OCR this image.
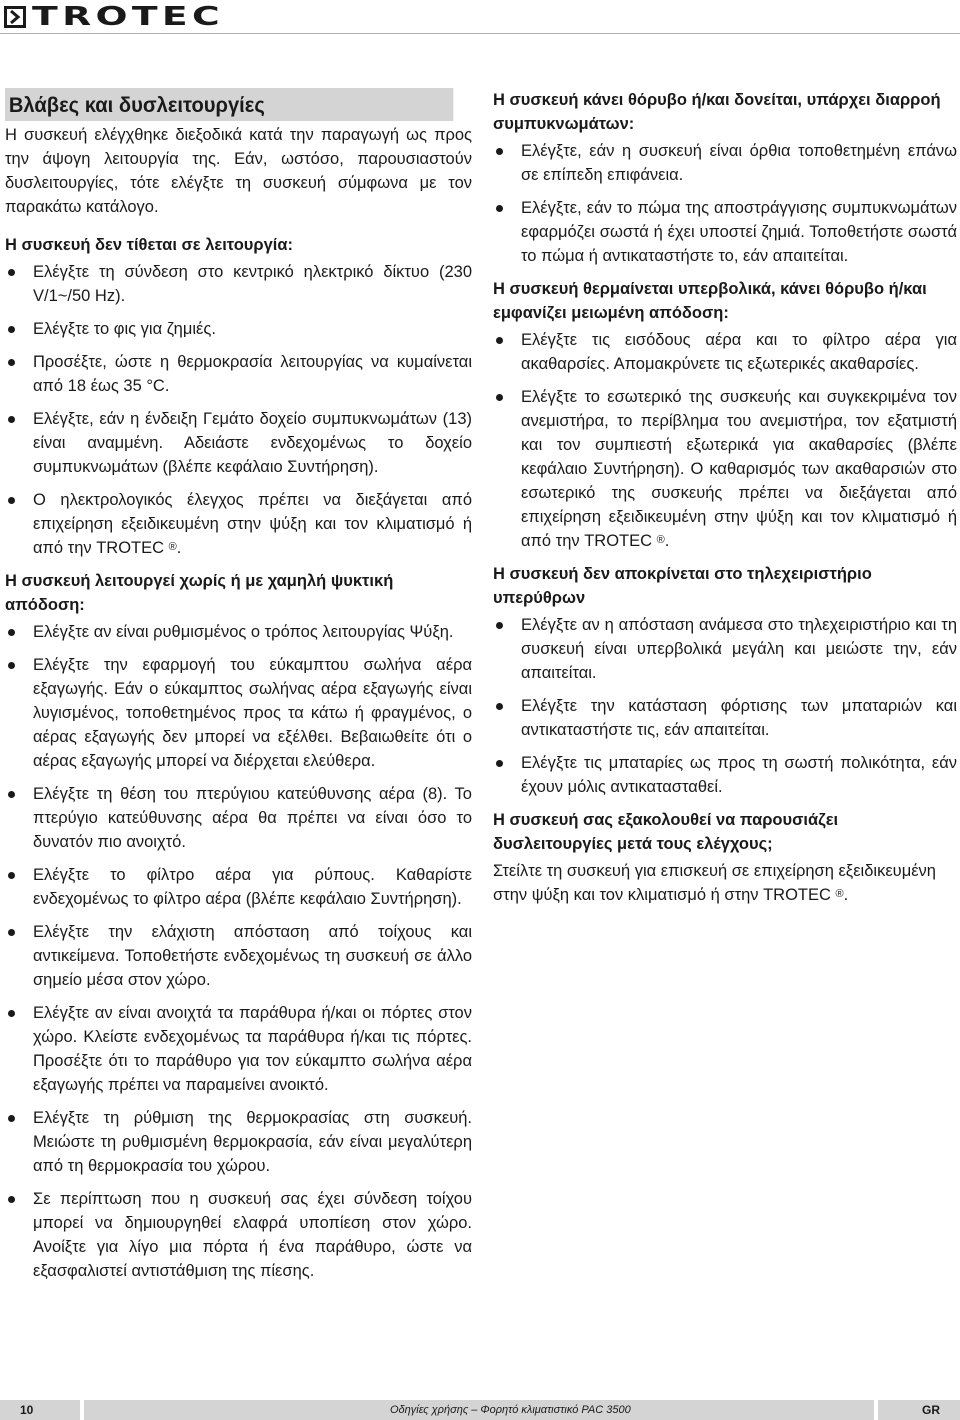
TROTEC
Βλάβες και δυσλειτουργίες

Η συσκευή ελέγχθηκε διεξοδικά κατά την παραγωγή ως προς την άψογη λειτουργία της. Εάν, ωστόσο, παρουσιαστούν δυσλειτουργίες, τότε ελέγξτε τη συσκευή σύμφωνα με τον παρακάτω κατάλογο.

Η συσκευή δεν τίθεται σε λειτουργία:
Ελέγξτε τη σύνδεση στο κεντρικό ηλεκτρικό δίκτυο (230 V/1~/50 Hz).
Ελέγξτε το φις για ζημιές.
Προσέξτε, ώστε η θερμοκρασία λειτουργίας να κυμαίνεται από 18 έως 35 °C.
Ελέγξτε, εάν η ένδειξη Γεμάτο δοχείο συμπυκνωμάτων (13) είναι αναμμένη. Αδειάστε ενδεχομένως το δοχείο συμπυκνωμάτων (βλέπε κεφάλαιο Συντήρηση).
Ο ηλεκτρολογικός έλεγχος πρέπει να διεξάγεται από επιχείρηση εξειδικευμένη στην ψύξη και τον κλιματισμό ή από την TROTEC ®.
Η συσκευή λειτουργεί χωρίς ή με χαμηλή ψυκτική απόδοση:
Ελέγξτε αν είναι ρυθμισμένος ο τρόπος λειτουργίας Ψύξη.
Ελέγξτε την εφαρμογή του εύκαμπτου σωλήνα αέρα εξαγωγής. Εάν ο εύκαμπτος σωλήνας αέρα εξαγωγής είναι λυγισμένος, τοποθετημένος προς τα κάτω ή φραγμένος, ο αέρας εξαγωγής δεν μπορεί να εξέλθει. Βεβαιωθείτε ότι ο αέρας εξαγωγής μπορεί να διέρχεται ελεύθερα.
Ελέγξτε τη θέση του πτερύγιου κατεύθυνσης αέρα (8). Το πτερύγιο κατεύθυνσης αέρα θα πρέπει να είναι όσο το δυνατόν πιο ανοιχτό.
Ελέγξτε το φίλτρο αέρα για ρύπους. Καθαρίστε ενδεχομένως το φίλτρο αέρα (βλέπε κεφάλαιο Συντήρηση).
Ελέγξτε την ελάχιστη απόσταση από τοίχους και αντικείμενα. Τοποθετήστε ενδεχομένως τη συσκευή σε άλλο σημείο μέσα στον χώρο.
Ελέγξτε αν είναι ανοιχτά τα παράθυρα ή/και οι πόρτες στον χώρο. Κλείστε ενδεχομένως τα παράθυρα ή/και τις πόρτες. Προσέξτε ότι το παράθυρο για τον εύκαμπτο σωλήνα αέρα εξαγωγής πρέπει να παραμείνει ανοικτό.
Ελέγξτε τη ρύθμιση της θερμοκρασίας στη συσκευή. Μειώστε τη ρυθμισμένη θερμοκρασία, εάν είναι μεγαλύτερη από τη θερμοκρασία του χώρου.
Σε περίπτωση που η συσκευή σας έχει σύνδεση τοίχου μπορεί να δημιουργηθεί ελαφρά υποπίεση στον χώρο. Ανοίξτε για λίγο μια πόρτα ή ένα παράθυρο, ώστε να εξασφαλιστεί αντιστάθμιση της πίεσης.
Η συσκευή κάνει θόρυβο ή/και δονείται, υπάρχει διαρροή συμπυκνωμάτων:
Ελέγξτε, εάν η συσκευή είναι όρθια τοποθετημένη επάνω σε επίπεδη επιφάνεια.
Ελέγξτε, εάν το πώμα της αποστράγγισης συμπυκνωμάτων εφαρμόζει σωστά ή έχει υποστεί ζημιά. Τοποθετήστε σωστά το πώμα ή αντικαταστήστε το, εάν απαιτείται.
Η συσκευή θερμαίνεται υπερβολικά, κάνει θόρυβο ή/και εμφανίζει μειωμένη απόδοση:
Ελέγξτε τις εισόδους αέρα και το φίλτρο αέρα για ακαθαρσίες. Απομακρύνετε τις εξωτερικές ακαθαρσίες.
Ελέγξτε το εσωτερικό της συσκευής και συγκεκριμένα τον ανεμιστήρα, το περίβλημα του ανεμιστήρα, τον εξατμιστή και τον συμπιεστή εξωτερικά για ακαθαρσίες (βλέπε κεφάλαιο Συντήρηση). Ο καθαρισμός των ακαθαρσιών στο εσωτερικό της συσκευής πρέπει να διεξάγεται από επιχείρηση εξειδικευμένη στην ψύξη και τον κλιματισμό ή από την TROTEC ®.
Η συσκευή δεν αποκρίνεται στο τηλεχειριστήριο υπερύθρων
Ελέγξτε αν η απόσταση ανάμεσα στο τηλεχειριστήριο και τη συσκευή είναι υπερβολικά μεγάλη και μειώστε την, εάν απαιτείται.
Ελέγξτε την κατάσταση φόρτισης των μπαταριών και αντικαταστήστε τις, εάν απαιτείται.
Ελέγξτε τις μπαταρίες ως προς τη σωστή πολικότητα, εάν έχουν μόλις αντικατασταθεί.
Η συσκευή σας εξακολουθεί να παρουσιάζει δυσλειτουργίες μετά τους ελέγχους;

Στείλτε τη συσκευή για επισκευή σε επιχείρηση εξειδικευμένη στην ψύξη και τον κλιματισμό ή στην TROTEC ®.

10	Οδηγίες χρήσης – Φορητό κλιματιστικό PAC 3500	GR
